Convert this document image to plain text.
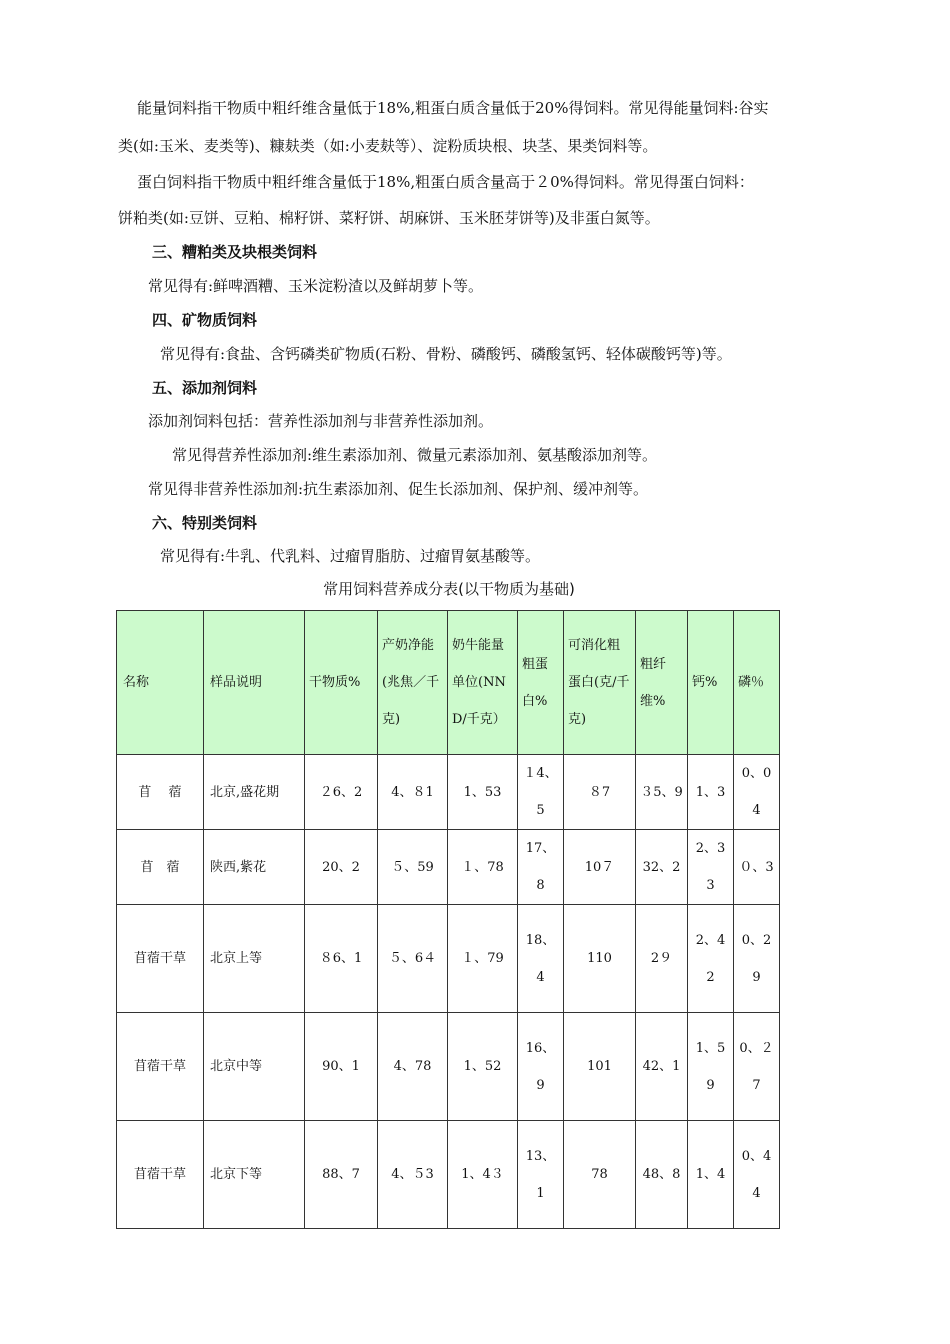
能量饲料指干物质中粗纤维含量低于18%,粗蛋白质含量低于20%得饲料。常见得能量饲料:谷实
类(如:玉米、麦类等)、糠麸类（如:小麦麸等）、淀粉质块根、块茎、果类饲料等。
蛋白饲料指干物质中粗纤维含量低于18%,粗蛋白质含量高于２0%得饲料。常见得蛋白饲料：
饼粕类(如:豆饼、豆粕、棉籽饼、菜籽饼、胡麻饼、玉米胚芽饼等)及非蛋白氮等。
三、糟粕类及块根类饲料
常见得有:鲜啤酒糟、玉米淀粉渣以及鲜胡萝卜等。
四、矿物质饲料
常见得有:食盐、含钙磷类矿物质(石粉、骨粉、磷酸钙、磷酸氢钙、轻体碳酸钙等)等。
五、添加剂饲料
添加剂饲料包括：营养性添加剂与非营养性添加剂。
常见得营养性添加剂:维生素添加剂、微量元素添加剂、氨基酸添加剂等。
常见得非营养性添加剂:抗生素添加剂、促生长添加剂、保护剂、缓冲剂等。
六、特别类饲料
常见得有:牛乳、代乳料、过瘤胃脂肪、过瘤胃氨基酸等。
常用饲料营养成分表(以干物质为基础)
名称	样品说明	干物质%	产奶净能(兆焦／千克)	奶牛能量单位(NND/千克）	粗蛋白%	可消化粗蛋白(克/千克)	粗纤维%	钙%	磷％
苜　 蓿	北京,盛花期	２6、2	4、８1	1、53	１4、5	８7	３5、9	1、3	0、04
苜　蓿	陕西,紫花	20、2	５、59	１、78	17、8	10７	32、2	2、33	０、3
苜蓿干草	北京上等	８6、1	５、6４	１、79	18、4	110	2９	2、42	0、29
苜蓿干草	北京中等	90、1	4、78	1、52	16、9	101	42、1	1、59	0、２7
苜蓿干草	北京下等	88、7	4、５3	1、4３	13、1	78	48、8	1、4	0、44
